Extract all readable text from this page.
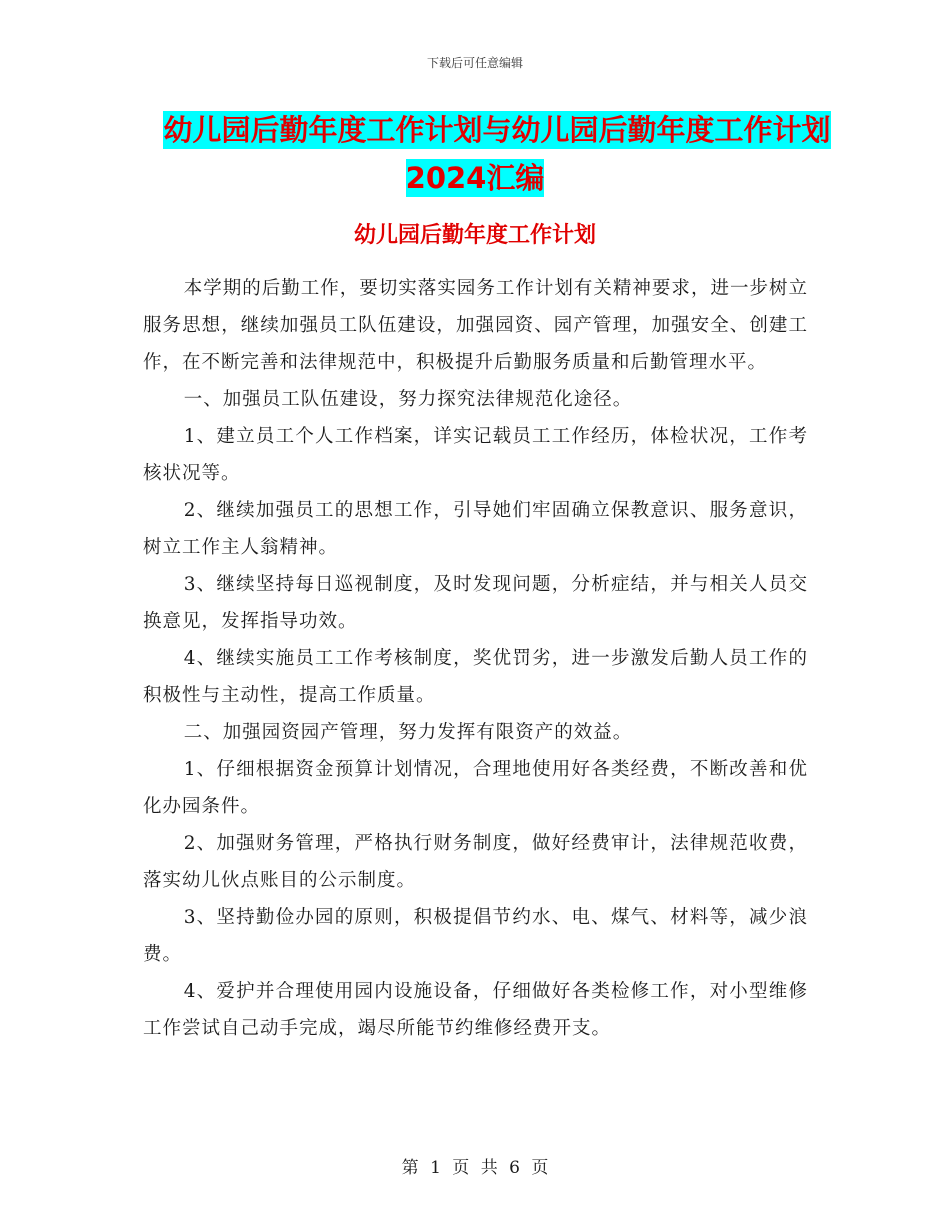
下载后可任意编辑
幼儿园后勤年度工作计划与幼儿园后勤年度工作计划
2024汇编
幼儿园后勤年度工作计划

本学期的后勤工作，要切实落实园务工作计划有关精神要求，进一步树立服务思想，继续加强员工队伍建设，加强园资、园产管理，加强安全、创建工作，在不断完善和法律规范中，积极提升后勤服务质量和后勤管理水平。

一、加强员工队伍建设，努力探究法律规范化途径。

1、建立员工个人工作档案，详实记载员工工作经历，体检状况，工作考核状况等。

2、继续加强员工的思想工作，引导她们牢固确立保教意识、服务意识，树立工作主人翁精神。

3、继续坚持每日巡视制度，及时发现问题，分析症结，并与相关人员交换意见，发挥指导功效。

4、继续实施员工工作考核制度，奖优罚劣，进一步激发后勤人员工作的积极性与主动性，提高工作质量。

二、加强园资园产管理，努力发挥有限资产的效益。

1、仔细根据资金预算计划情况，合理地使用好各类经费，不断改善和优化办园条件。

2、加强财务管理，严格执行财务制度，做好经费审计，法律规范收费，落实幼儿伙点账目的公示制度。

3、坚持勤俭办园的原则，积极提倡节约水、电、煤气、材料等，减少浪费。

4、爱护并合理使用园内设施设备，仔细做好各类检修工作，对小型维修工作尝试自己动手完成，竭尽所能节约维修经费开支。

第 1 页 共 6 页
